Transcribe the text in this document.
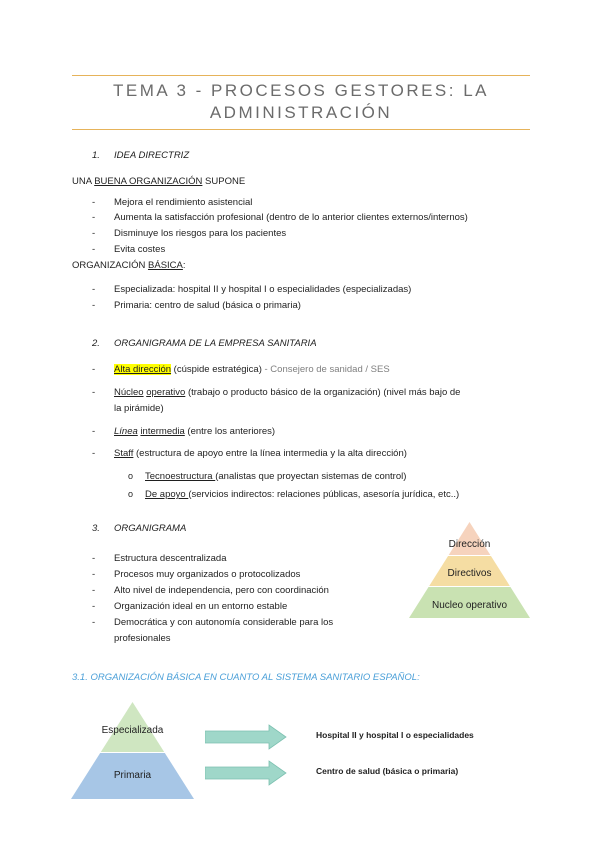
TEMA 3 - PROCESOS GESTORES: LA
ADMINISTRACIÓN
1. IDEA DIRECTRIZ
UNA BUENA ORGANIZACIÓN SUPONE
- Mejora el rendimiento asistencial
- Aumenta la satisfacción profesional (dentro de lo anterior clientes externos/internos)
- Disminuye los riesgos para los pacientes
- Evita costes
ORGANIZACIÓN BÁSICA:
- Especializada: hospital II y hospital I o especialidades (especializadas)
- Primaria: centro de salud (básica o primaria)
2. ORGANIGRAMA DE LA EMPRESA SANITARIA
- Alta dirección (cúspide estratégica) - Consejero de sanidad / SES
- Núcleo operativo (trabajo o producto básico de la organización) (nivel más bajo de
la pirámide)
- Línea intermedia (entre los anteriores)
- Staff (estructura de apoyo entre la línea intermedia y la alta dirección)
o Tecnoestructura (analistas que proyectan sistemas de control)
o De apoyo (servicios indirectos: relaciones públicas, asesoría jurídica, etc..)
3. ORGANIGRAMA
- Estructura descentralizada
- Procesos muy organizados o protocolizados
- Alto nivel de independencia, pero con coordinación
- Organización ideal en un entorno estable
- Democrática y con autonomía considerable para los
profesionales
Dirección
Directivos
Nucleo operativo
3.1. ORGANIZACIÓN BÁSICA EN CUANTO AL SISTEMA SANITARIO ESPAÑOL:
Especializada
Primaria
Hospital II y hospital I o especialidades
Centro de salud (básica o primaria)
